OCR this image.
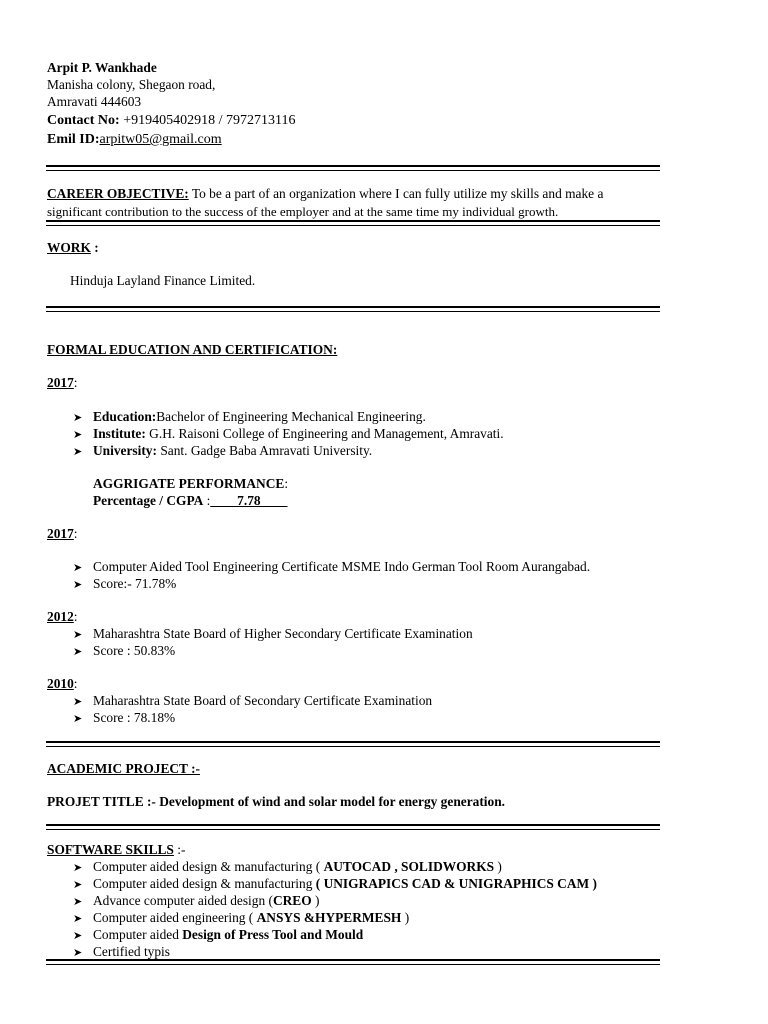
Arpit P. Wankhade
Manisha colony, Shegaon road,
Amravati 444603
Contact No: +919405402918 / 7972713116
Emil ID:arpitw05@gmail.com
CAREER OBJECTIVE: To be a part of an organization where I can fully utilize my skills and make a
significant contribution to the success of the employer and at the same time my individual growth.
WORK :
Hinduja Layland Finance Limited.
FORMAL EDUCATION AND CERTIFICATION:
2017:
➤ Education:Bachelor of Engineering Mechanical Engineering.
➤ Institute: G.H. Raisoni College of Engineering and Management, Amravati.
➤ University: Sant. Gadge Baba Amravati University.
AGGRIGATE PERFORMANCE:
Percentage / CGPA :____7.78____
2017:
➤ Computer Aided Tool Engineering Certificate MSME Indo German Tool Room Aurangabad.
➤ Score:- 71.78%
2012:
➤ Maharashtra State Board of Higher Secondary Certificate Examination
➤ Score : 50.83%
2010:
➤ Maharashtra State Board of Secondary Certificate Examination
➤ Score : 78.18%
ACADEMIC PROJECT :-
PROJET TITLE :- Development of wind and solar model for energy generation.
SOFTWARE SKILLS :-
➤ Computer aided design & manufacturing ( AUTOCAD , SOLIDWORKS )
➤ Computer aided design & manufacturing ( UNIGRAPICS CAD & UNIGRAPHICS CAM )
➤ Advance computer aided design (CREO )
➤ Computer aided engineering ( ANSYS &HYPERMESH )
➤ Computer aided Design of Press Tool and Mould
➤ Certified typis
